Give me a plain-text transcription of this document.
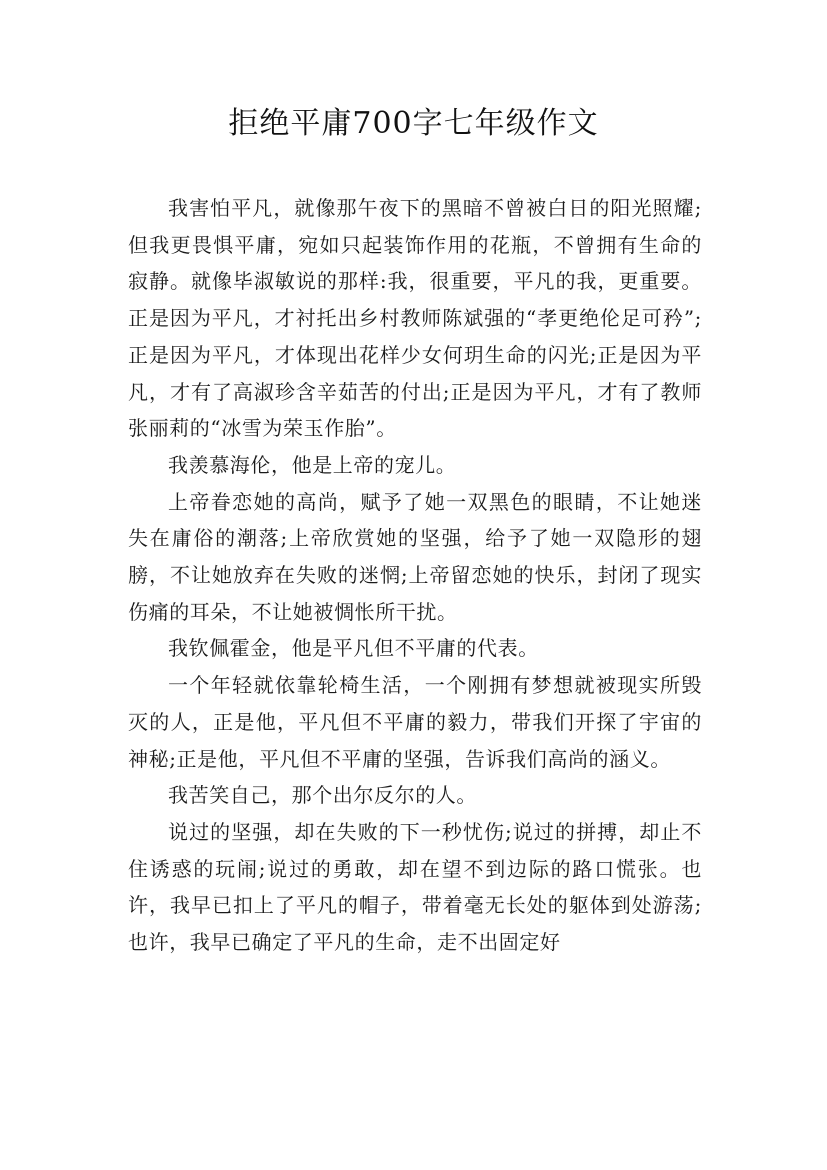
拒绝平庸700字七年级作文

我害怕平凡，就像那午夜下的黑暗不曾被白日的阳光照耀;但我更畏惧平庸，宛如只起装饰作用的花瓶，不曾拥有生命的寂静。就像毕淑敏说的那样:我，很重要，平凡的我，更重要。正是因为平凡，才衬托出乡村教师陈斌强的“孝更绝伦足可矜”;正是因为平凡，才体现出花样少女何玥生命的闪光;正是因为平凡，才有了高淑珍含辛茹苦的付出;正是因为平凡，才有了教师张丽莉的“冰雪为荣玉作胎”。

我羡慕海伦，他是上帝的宠儿。

上帝眷恋她的高尚，赋予了她一双黑色的眼睛，不让她迷失在庸俗的潮落;上帝欣赏她的坚强，给予了她一双隐形的翅膀，不让她放弃在失败的迷惘;上帝留恋她的快乐，封闭了现实伤痛的耳朵，不让她被惆怅所干扰。

我钦佩霍金，他是平凡但不平庸的代表。

一个年轻就依靠轮椅生活，一个刚拥有梦想就被现实所毁灭的人，正是他，平凡但不平庸的毅力，带我们开探了宇宙的神秘;正是他，平凡但不平庸的坚强，告诉我们高尚的涵义。

我苦笑自己，那个出尔反尔的人。

说过的坚强，却在失败的下一秒忧伤;说过的拼搏，却止不住诱惑的玩闹;说过的勇敢，却在望不到边际的路口慌张。也许，我早已扣上了平凡的帽子，带着毫无长处的躯体到处游荡;也许，我早已确定了平凡的生命，走不出固定好
